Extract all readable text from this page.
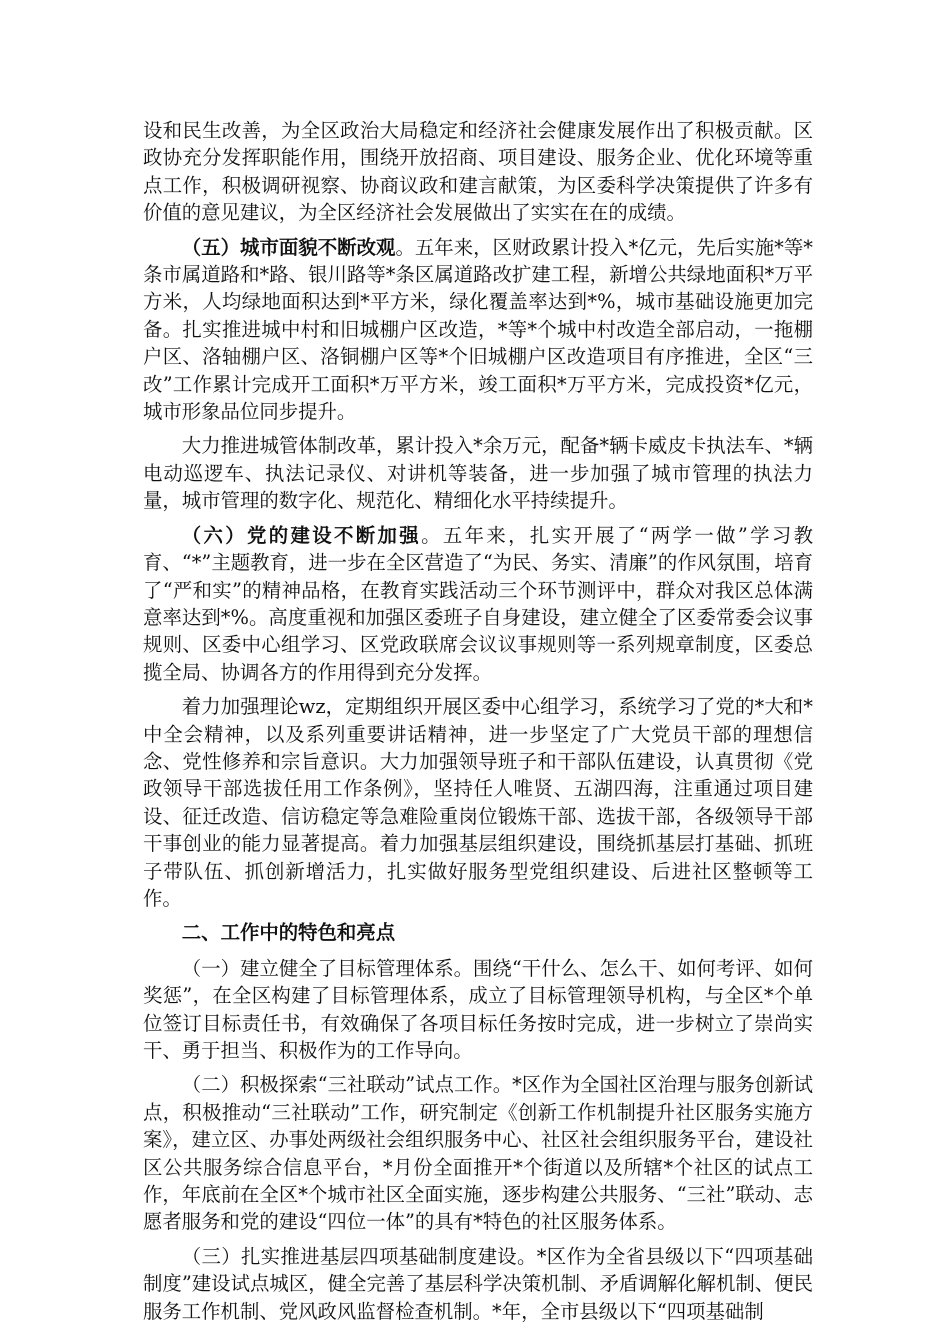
设和民生改善，为全区政治大局稳定和经济社会健康发展作出了积极贡献。区政协充分发挥职能作用，围绕开放招商、项目建设、服务企业、优化环境等重点工作，积极调研视察、协商议政和建言献策，为区委科学决策提供了许多有价值的意见建议，为全区经济社会发展做出了实实在在的成绩。

（五）城市面貌不断改观。五年来，区财政累计投入*亿元，先后实施*等*条市属道路和*路、银川路等*条区属道路改扩建工程，新增公共绿地面积*万平方米，人均绿地面积达到*平方米，绿化覆盖率达到*%，城市基础设施更加完备。扎实推进城中村和旧城棚户区改造，*等*个城中村改造全部启动，一拖棚户区、洛轴棚户区、洛铜棚户区等*个旧城棚户区改造项目有序推进，全区“三改”工作累计完成开工面积*万平方米，竣工面积*万平方米，完成投资*亿元，城市形象品位同步提升。

大力推进城管体制改革，累计投入*余万元，配备*辆卡威皮卡执法车、*辆电动巡逻车、执法记录仪、对讲机等装备，进一步加强了城市管理的执法力量，城市管理的数字化、规范化、精细化水平持续提升。

（六）党的建设不断加强。五年来，扎实开展了“两学一做”学习教育、“*”主题教育，进一步在全区营造了“为民、务实、清廉”的作风氛围，培育了“严和实”的精神品格，在教育实践活动三个环节测评中，群众对我区总体满意率达到*%。高度重视和加强区委班子自身建设，建立健全了区委常委会议事规则、区委中心组学习、区党政联席会议议事规则等一系列规章制度，区委总揽全局、协调各方的作用得到充分发挥。

着力加强理论wz，定期组织开展区委中心组学习，系统学习了党的*大和*中全会精神，以及系列重要讲话精神，进一步坚定了广大党员干部的理想信念、党性修养和宗旨意识。大力加强领导班子和干部队伍建设，认真贯彻《党政领导干部选拔任用工作条例》，坚持任人唯贤、五湖四海，注重通过项目建设、征迁改造、信访稳定等急难险重岗位锻炼干部、选拔干部，各级领导干部干事创业的能力显著提高。着力加强基层组织建设，围绕抓基层打基础、抓班子带队伍、抓创新增活力，扎实做好服务型党组织建设、后进社区整顿等工作。

二、工作中的特色和亮点

（一）建立健全了目标管理体系。围绕“干什么、怎么干、如何考评、如何奖惩”，在全区构建了目标管理体系，成立了目标管理领导机构，与全区*个单位签订目标责任书，有效确保了各项目标任务按时完成，进一步树立了崇尚实干、勇于担当、积极作为的工作导向。

（二）积极探索“三社联动”试点工作。*区作为全国社区治理与服务创新试点，积极推动“三社联动”工作，研究制定《创新工作机制提升社区服务实施方案》，建立区、办事处两级社会组织服务中心、社区社会组织服务平台，建设社区公共服务综合信息平台，*月份全面推开*个街道以及所辖*个社区的试点工作，年底前在全区*个城市社区全面实施，逐步构建公共服务、“三社”联动、志愿者服务和党的建设“四位一体”的具有*特色的社区服务体系。

（三）扎实推进基层四项基础制度建设。*区作为全省县级以下“四项基础制度”建设试点城区，健全完善了基层科学决策机制、矛盾调解化解机制、便民服务工作机制、党风政风监督检查机制。*年，全市县级以下“四项基础制
